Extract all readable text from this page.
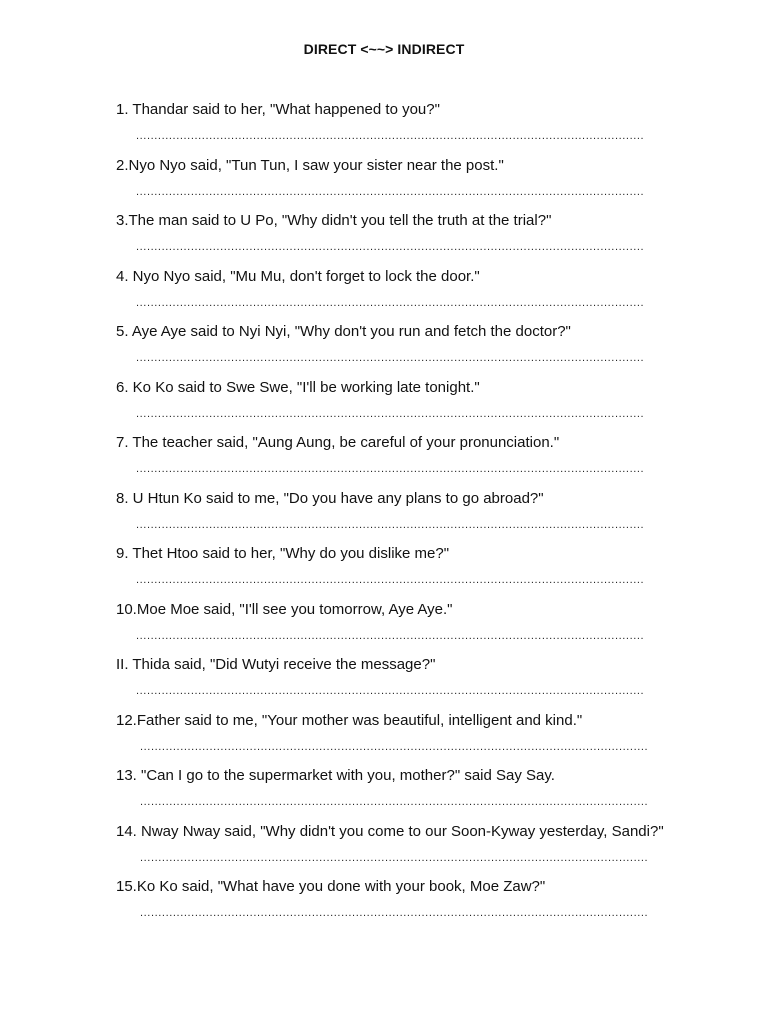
DIRECT <~~> INDIRECT
1. Thandar said to her, "What happened to you?"
...........................................................................................................................................
2.Nyo Nyo said, "Tun Tun, I saw your sister near the post."
...........................................................................................................................................
3.The man said to U Po, "Why didn't you tell the truth at the trial?"
...........................................................................................................................................
4. Nyo Nyo said, "Mu Mu, don't forget to lock the door."
...........................................................................................................................................
5. Aye Aye said to Nyi Nyi, "Why don't you run and fetch the doctor?"
...........................................................................................................................................
6. Ko Ko said to Swe Swe, "I'll be working late tonight."
...........................................................................................................................................
7. The teacher said, "Aung Aung, be careful of your pronunciation."
...........................................................................................................................................
8. U Htun Ko said to me, "Do you have any plans to go abroad?"
...........................................................................................................................................
9. Thet Htoo said to her, "Why do you dislike me?"
...........................................................................................................................................
10.Moe Moe said, "I'll see you tomorrow, Aye Aye."
...........................................................................................................................................
II. Thida said, "Did Wutyi receive the message?"
...........................................................................................................................................
12.Father said to me, "Your mother was beautiful, intelligent and kind."
...........................................................................................................................................
13. "Can I go to the supermarket with you, mother?" said Say Say.
...........................................................................................................................................
14. Nway Nway said, "Why didn't you come to our Soon-Kyway yesterday, Sandi?"
...........................................................................................................................................
15.Ko Ko said, "What have you done with your book, Moe Zaw?"
...........................................................................................................................................
